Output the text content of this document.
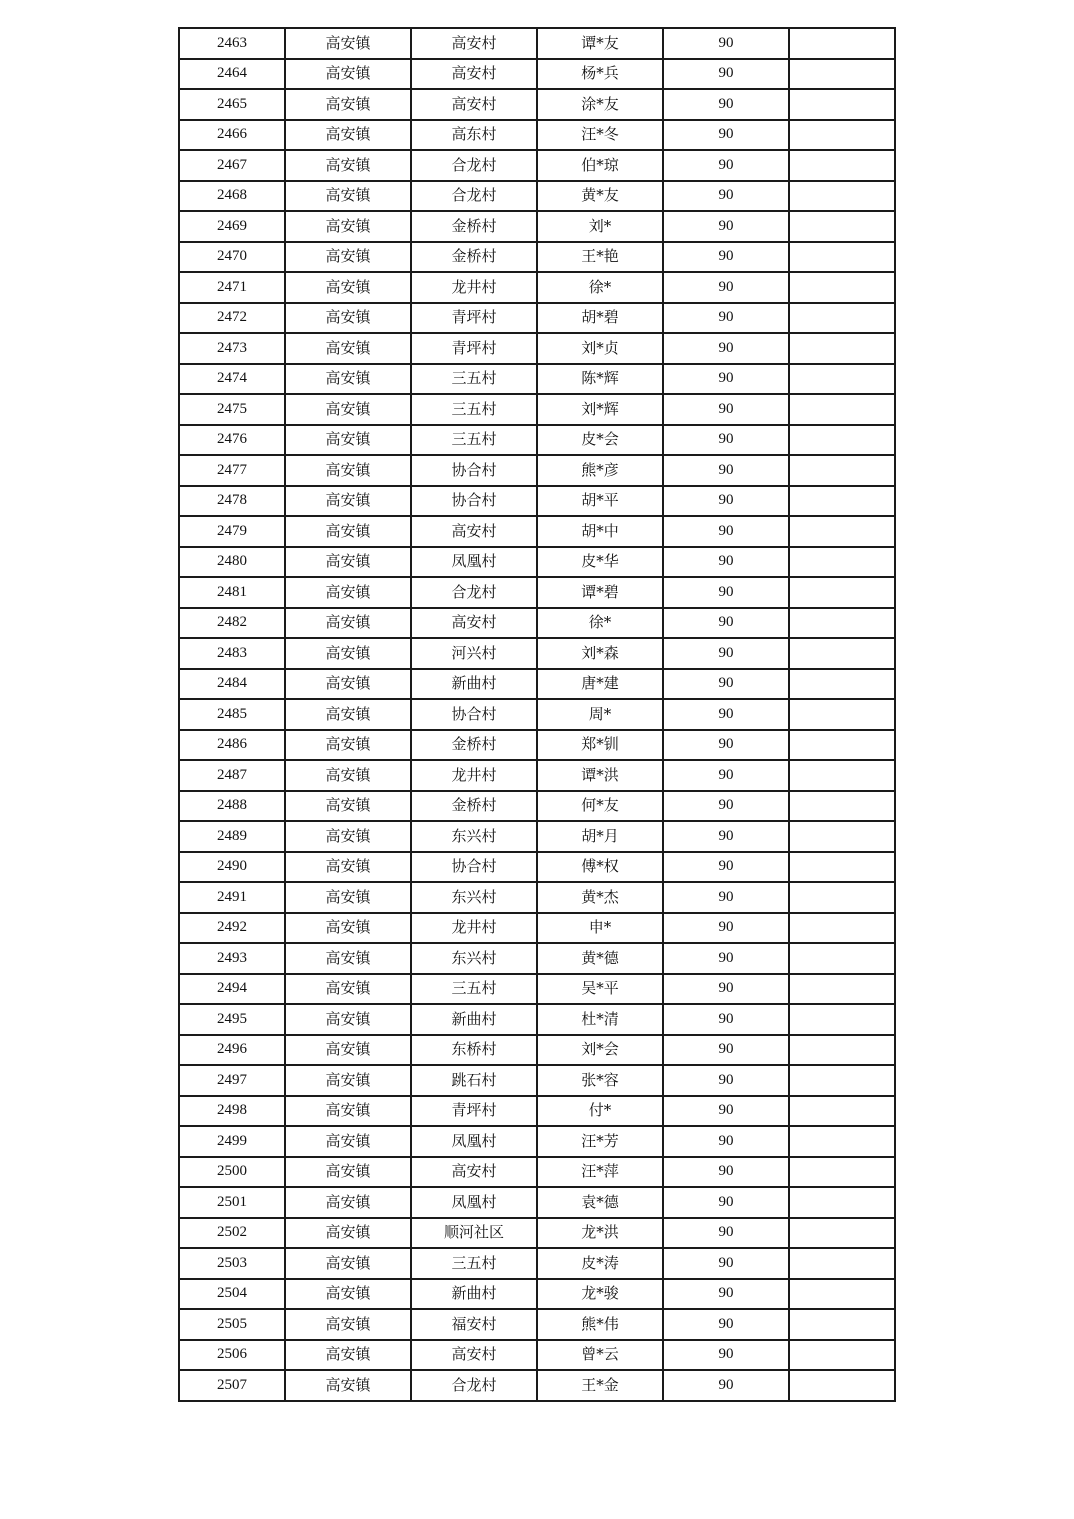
2463	高安镇	高安村	谭*友	90	
2464	高安镇	高安村	杨*兵	90	
2465	高安镇	高安村	涂*友	90	
2466	高安镇	高东村	汪*冬	90	
2467	高安镇	合龙村	伯*琼	90	
2468	高安镇	合龙村	黄*友	90	
2469	高安镇	金桥村	刘*	90	
2470	高安镇	金桥村	王*艳	90	
2471	高安镇	龙井村	徐*	90	
2472	高安镇	青坪村	胡*碧	90	
2473	高安镇	青坪村	刘*贞	90	
2474	高安镇	三五村	陈*辉	90	
2475	高安镇	三五村	刘*辉	90	
2476	高安镇	三五村	皮*会	90	
2477	高安镇	协合村	熊*彦	90	
2478	高安镇	协合村	胡*平	90	
2479	高安镇	高安村	胡*中	90	
2480	高安镇	凤凰村	皮*华	90	
2481	高安镇	合龙村	谭*碧	90	
2482	高安镇	高安村	徐*	90	
2483	高安镇	河兴村	刘*森	90	
2484	高安镇	新曲村	唐*建	90	
2485	高安镇	协合村	周*	90	
2486	高安镇	金桥村	郑*钏	90	
2487	高安镇	龙井村	谭*洪	90	
2488	高安镇	金桥村	何*友	90	
2489	高安镇	东兴村	胡*月	90	
2490	高安镇	协合村	傅*权	90	
2491	高安镇	东兴村	黄*杰	90	
2492	高安镇	龙井村	申*	90	
2493	高安镇	东兴村	黄*德	90	
2494	高安镇	三五村	吴*平	90	
2495	高安镇	新曲村	杜*清	90	
2496	高安镇	东桥村	刘*会	90	
2497	高安镇	跳石村	张*容	90	
2498	高安镇	青坪村	付*	90	
2499	高安镇	凤凰村	汪*芳	90	
2500	高安镇	高安村	汪*萍	90	
2501	高安镇	凤凰村	袁*德	90	
2502	高安镇	顺河社区	龙*洪	90	
2503	高安镇	三五村	皮*涛	90	
2504	高安镇	新曲村	龙*骏	90	
2505	高安镇	福安村	熊*伟	90	
2506	高安镇	高安村	曾*云	90	
2507	高安镇	合龙村	王*金	90	
